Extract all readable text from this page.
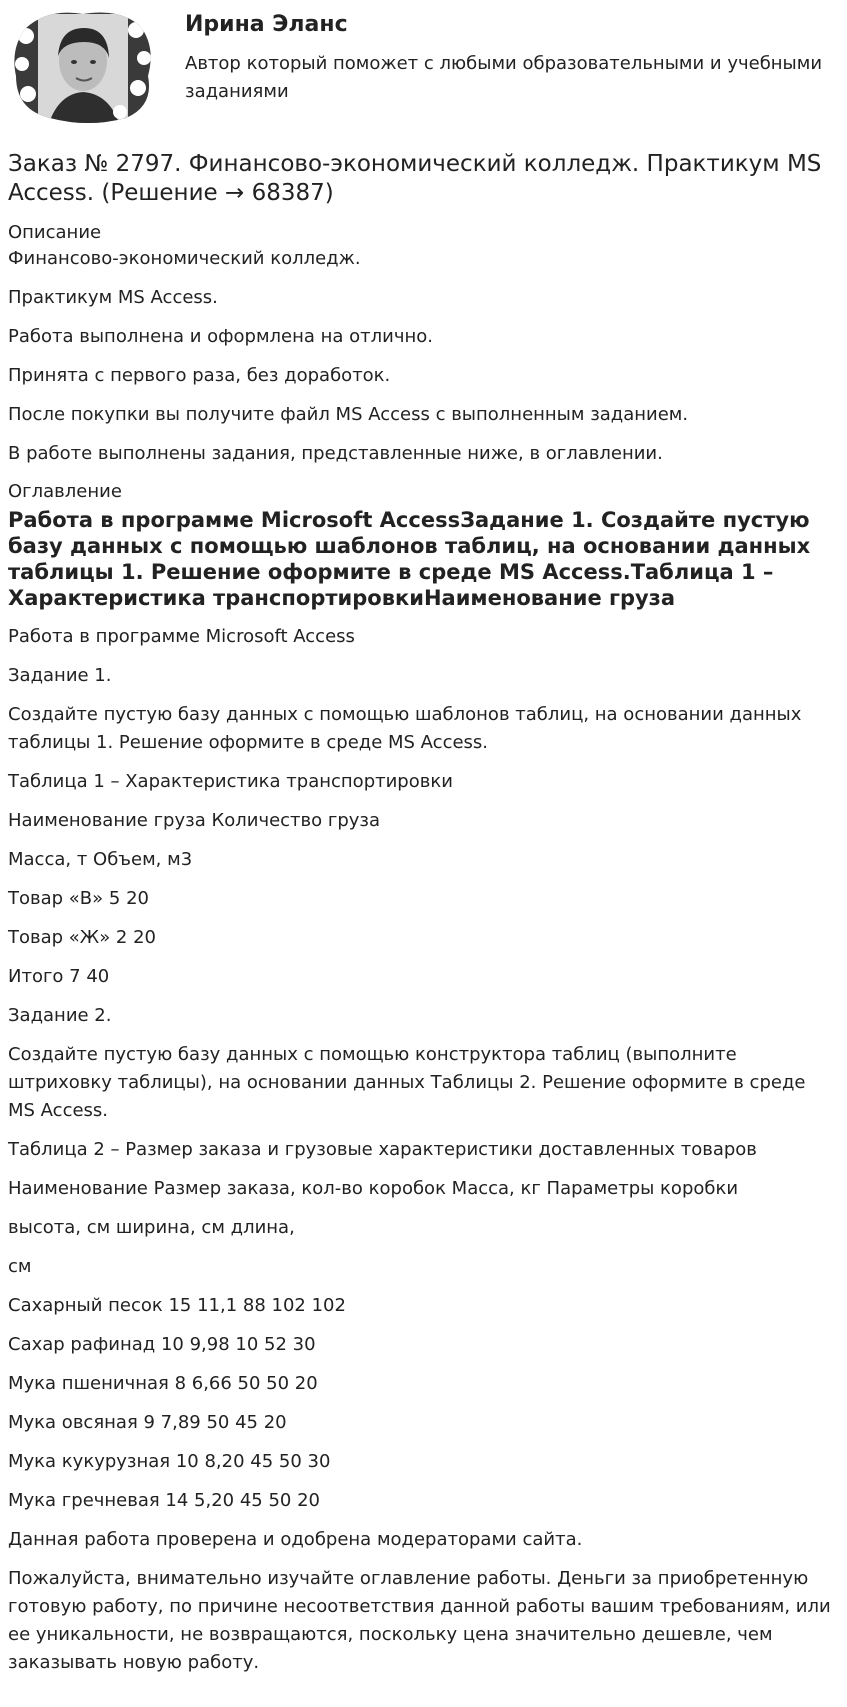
Ирина Эланс
Автор который поможет с любыми образовательными и учебными заданиями
Заказ № 2797. Финансово-экономический колледж. Практикум MS Access. (Решение → 68387)
Описание

Финансово-экономический колледж.

Практикум MS Access.

Работа выполнена и оформлена на отлично.

Принята с первого раза, без доработок.

После покупки вы получите файл MS Access с выполненным заданием.

В работе выполнены задания, представленные ниже, в оглавлении.

Оглавление
Работа в программе Microsoft AccessЗадание 1. Создайте пустую базу данных с помощью шаблонов таблиц, на основании данных таблицы 1. Решение оформите в среде MS Access.Таблица 1 – Характеристика транспортировкиНаименование груза

Работа в программе Microsoft Access

Задание 1.

Создайте пустую базу данных с помощью шаблонов таблиц, на основании данных таблицы 1. Решение оформите в среде MS Access.

Таблица 1 – Характеристика транспортировки

Наименование груза Количество груза

Масса, т Объем, м3

Товар «В» 5 20

Товар «Ж» 2 20

Итого 7 40

Задание 2.

Создайте пустую базу данных с помощью конструктора таблиц (выполните штриховку таблицы), на основании данных Таблицы 2. Решение оформите в среде MS Access.

Таблица 2 – Размер заказа и грузовые характеристики доставленных товаров

Наименование Размер заказа, кол-во коробок Масса, кг Параметры коробки

высота, см ширина, см длина,

см

Сахарный песок 15 11,1 88 102 102

Сахар рафинад 10 9,98 10 52 30

Мука пшеничная 8 6,66 50 50 20

Мука овсяная 9 7,89 50 45 20

Мука кукурузная 10 8,20 45 50 30

Мука гречневая 14 5,20 45 50 20

Данная работа проверена и одобрена модераторами сайта.

Пожалуйста, внимательно изучайте оглавление работы. Деньги за приобретенную готовую работу, по причине несоответствия данной работы вашим требованиям, или ее уникальности, не возвращаются, поскольку цена значительно дешевле, чем заказывать новую работу.
